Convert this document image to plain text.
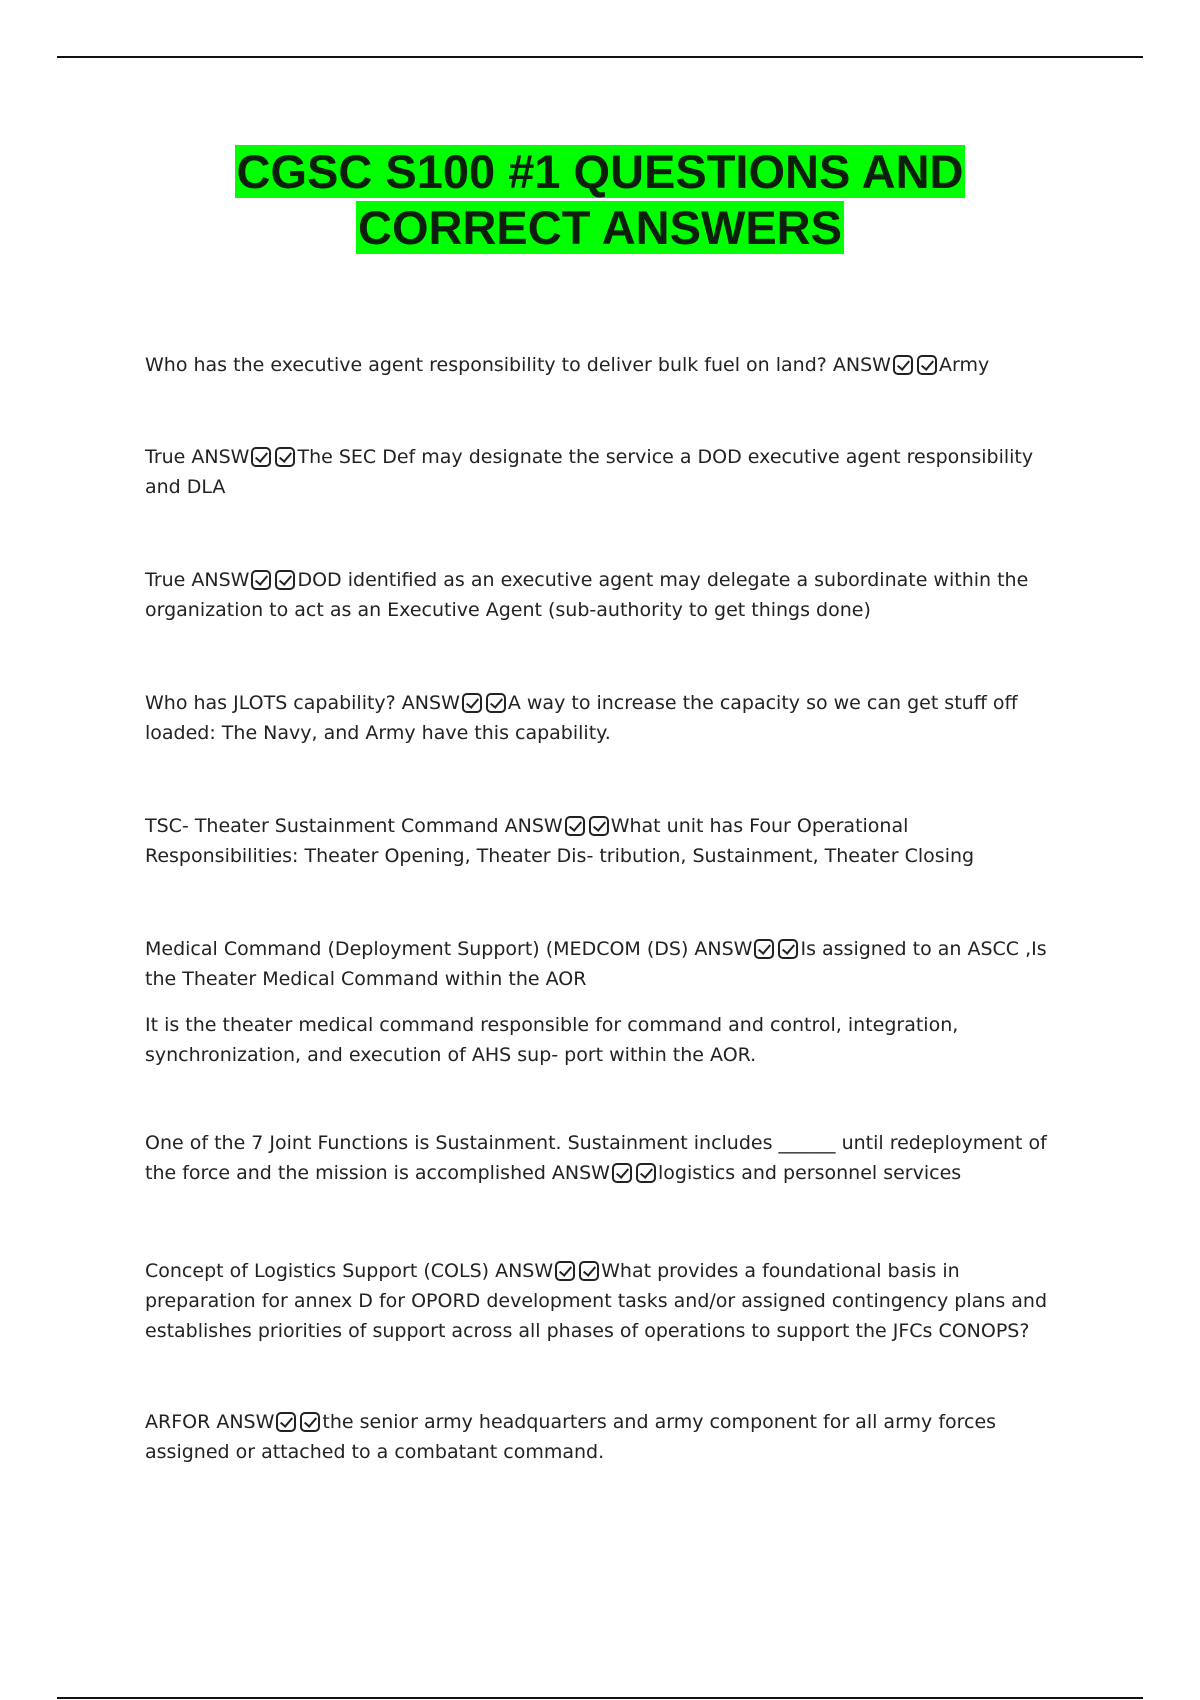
CGSC S100 #1 QUESTIONS AND
CORRECT ANSWERS

Who has the executive agent responsibility to deliver bulk fuel on land? ANSW	Army

True ANSW	The SEC Def may designate the service a DOD executive agent responsibility and DLA

True ANSW	DOD identified as an executive agent may delegate a subordinate within the organization to act as an Executive Agent (sub-authority to get things done)

Who has JLOTS capability? ANSW	A way to increase the capacity so we can get stuff off loaded: The Navy, and Army have this capability.

TSC- Theater Sustainment Command ANSW	What unit has Four Operational Responsibilities: Theater Opening, Theater Dis- tribution, Sustainment, Theater Closing

Medical Command (Deployment Support) (MEDCOM (DS) ANSW	Is assigned to an ASCC ,Is the Theater Medical Command within the AOR

It is the theater medical command responsible for command and control, integration, synchronization, and execution of AHS sup- port within the AOR.

One of the 7 Joint Functions is Sustainment. Sustainment includes ______ until redeployment of the force and the mission is accomplished ANSW	logistics and personnel services

Concept of Logistics Support (COLS) ANSW	What provides a foundational basis in preparation for annex D for OPORD development tasks and/or assigned contingency plans and establishes priorities of support across all phases of operations to support the JFCs CONOPS?

ARFOR ANSW	the senior army headquarters and army component for all army forces assigned or attached to a combatant command.
